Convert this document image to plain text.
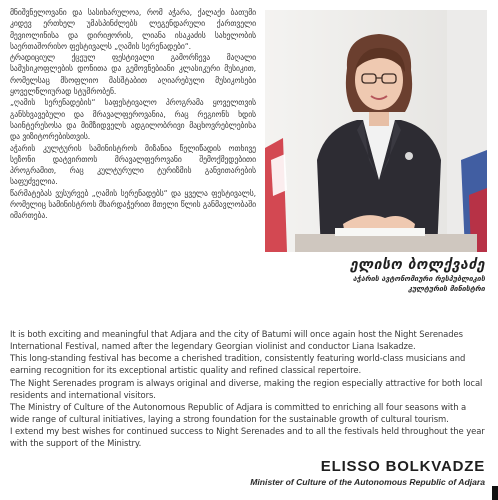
მნიშვნელოვანი და სასიხარულოა, რომ აჭარა, ქალაქი ბათუმი კიდევ ერთხელ უმასპინძლებს ლეგენდარული ქართველი მევიოლინისა და დირიჟორის, ლიანა ისაკაძის სახელობის საერთაშორისო ფესტივალს „ღამის სერენადები“.
ტრადიციულ ქცეულ ფესტივალი გამორჩევა მაღალი სამუსიკოფლების დონითა და გემოვნებიანი კლასიკური მუსიკით, რომელსაც მსოფლიო მასშტაბით აღიარებული მუსიკოსები ყოველწლიურად სტუმრობენ.
„ღამის სერენადების“ საფესტივალო პროგრამა ყოველთვის განსხვავებული და მრავალფეროვანია, რაც რეგიონს ხდის საინტერესოსა და მიმზიდველს ადგილობრივი მაცხოვრებლებისა და ვიზიტორებისთვის.
აჭარის კულტურის სამინისტროს მიზანია წელიწადის ოთხივე სეზონი დატვირთოს მრავალფეროვანი შემოქმედებითი პროგრამით, რაც კულტურული ტურიზმის განვითარების საფუძველია.
წარმატებას ვუსურვებ „ღამის სერენადებს“ და ყველა ფესტივალს, რომელიც სამინისტროს მხარდაჭერით მთელი წლის განმავლობაში იმართება.

ელისო ბოლქვაძე
აჭარის ავტონომიური რესპუბლიკის
კულტურის მინისტრი

It is both exciting and meaningful that Adjara and the city of Batumi will once again host the Night Serenades International Festival, named after the legendary Georgian violinist and conductor Liana Isakadze.
This long-standing festival has become a cherished tradition, consistently featuring world-class musicians and earning recognition for its exceptional artistic quality and refined classical repertoire.
The Night Serenades program is always original and diverse, making the region especially attractive for both local residents and international visitors.
The Ministry of Culture of the Autonomous Republic of Adjara is committed to enriching all four seasons with a wide range of cultural initiatives, laying a strong foundation for the sustainable growth of cultural tourism.
I extend my best wishes for continued success to Night Serenades and to all the festivals held throughout the year with the support of the Ministry.

ELISSO BOLKVADZE
Minister of Culture of the Autonomous Republic of Adjara
